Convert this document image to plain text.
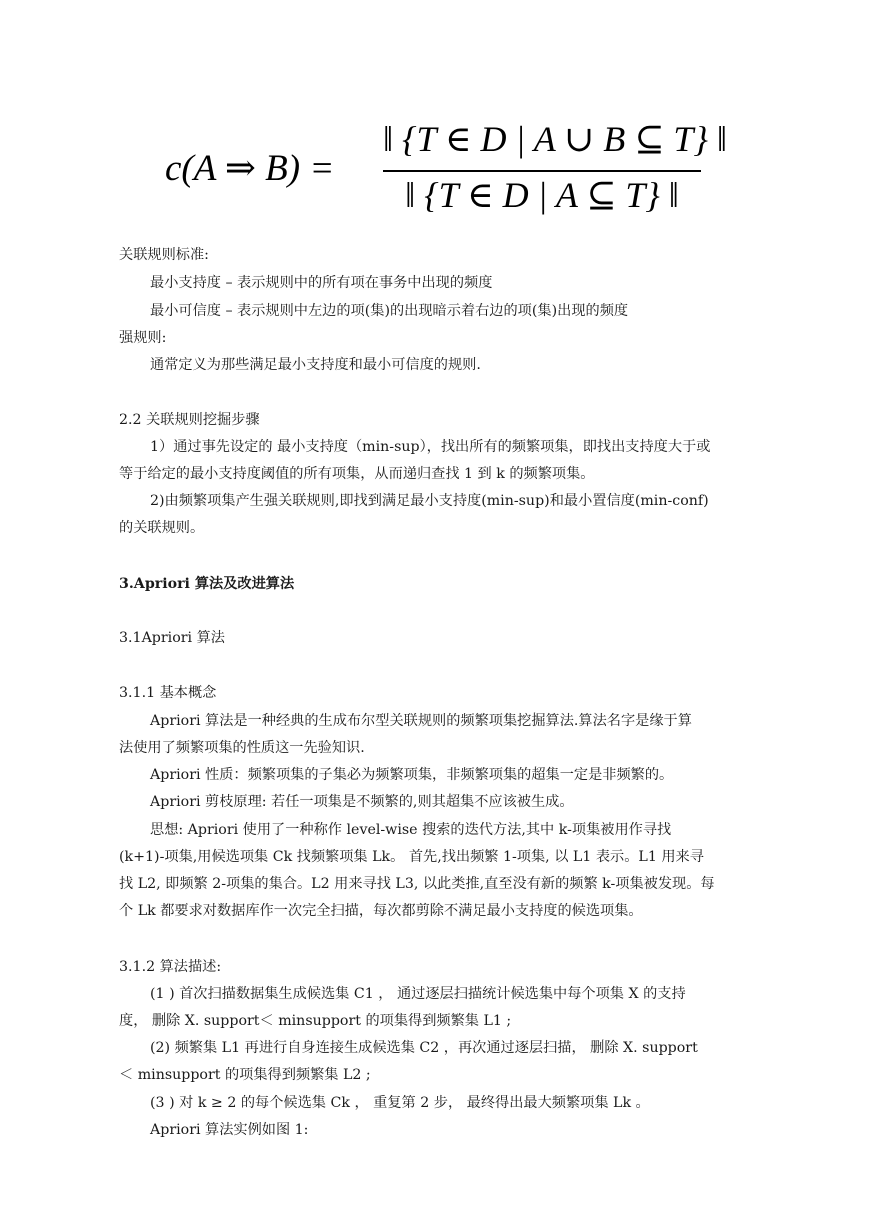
c(A ⇒ B) =
‖ {T ∈ D | A ∪ B ⊆ T} ‖
‖ {T ∈ D | A ⊆ T} ‖
关联规则标准:
最小支持度 – 表示规则中的所有项在事务中出现的频度
最小可信度 – 表示规则中左边的项(集)的出现暗示着右边的项(集)出现的频度
强规则:
通常定义为那些满足最小支持度和最小可信度的规则.
2.2 关联规则挖掘步骤
1）通过事先设定的 最小支持度（min-sup），找出所有的频繁项集，即找出支持度大于或
等于给定的最小支持度阈值的所有项集，从而递归查找 1 到 k 的频繁项集。
2)由频繁项集产生强关联规则,即找到满足最小支持度(min-sup)和最小置信度(min-conf)
的关联规则。
3.Apriori 算法及改进算法
3.1Apriori 算法
3.1.1 基本概念
Apriori 算法是一种经典的生成布尔型关联规则的频繁项集挖掘算法.算法名字是缘于算
法使用了频繁项集的性质这一先验知识.
Apriori 性质：频繁项集的子集必为频繁项集，非频繁项集的超集一定是非频繁的。
Apriori 剪枝原理: 若任一项集是不频繁的,则其超集不应该被生成。
思想: Apriori 使用了一种称作 level-wise 搜索的迭代方法,其中 k-项集被用作寻找
(k+1)-项集,用候选项集 Ck 找频繁项集 Lk。 首先,找出频繁 1-项集, 以 L1 表示。L1 用来寻
找 L2, 即频繁 2-项集的集合。L2 用来寻找 L3, 以此类推,直至没有新的频繁 k-项集被发现。每
个 Lk 都要求对数据库作一次完全扫描，每次都剪除不满足最小支持度的候选项集。
3.1.2 算法描述:
(1 ) 首次扫描数据集生成候选集 C1 ， 通过逐层扫描统计候选集中每个项集 X 的支持
度， 删除 X. support＜ minsupport 的项集得到频繁集 L1 ;
(2) 频繁集 L1 再进行自身连接生成候选集 C2 ，再次通过逐层扫描， 删除 X. support
＜ minsupport 的项集得到频繁集 L2 ;
(3 ) 对 k ≥ 2 的每个候选集 Ck ， 重复第 2 步， 最终得出最大频繁项集 Lk 。
Apriori 算法实例如图 1:
